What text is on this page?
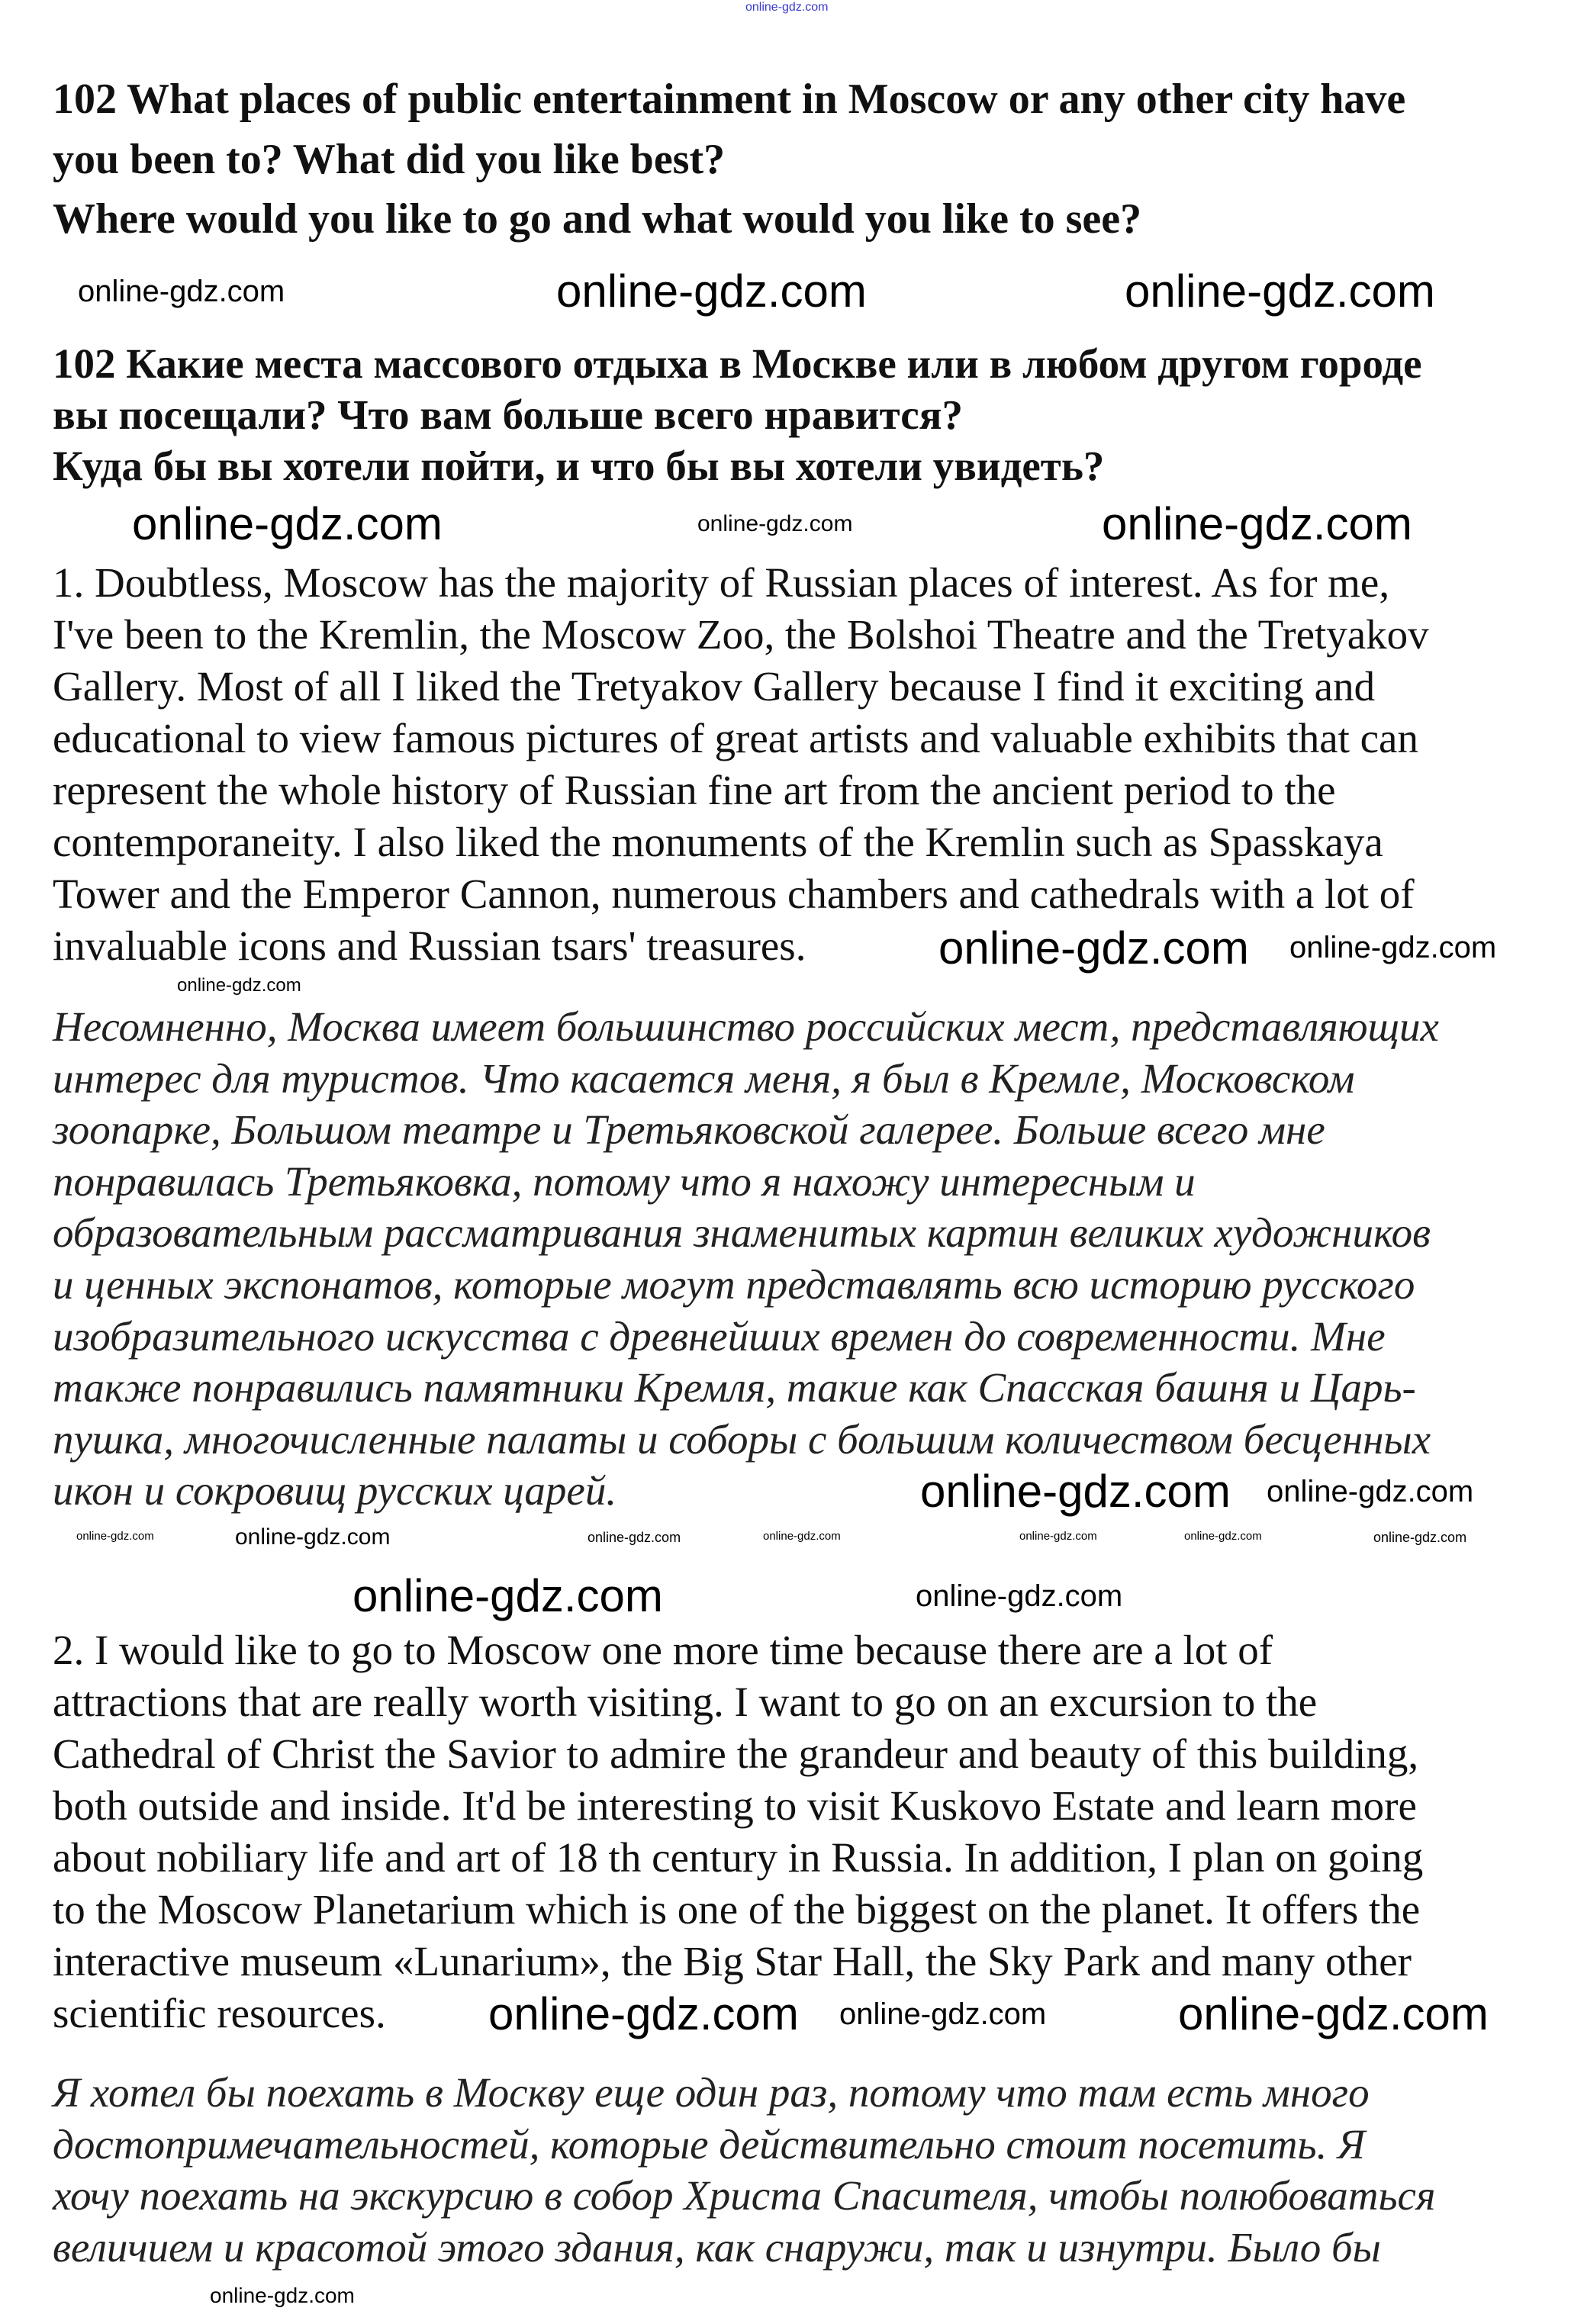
102 What places of public entertainment in Moscow or any other city have
you been to? What did you like best?
Where would you like to go and what would you like to see?
102 Какие места массового отдыха в Москве или в любом другом городе
вы посещали? Что вам больше всего нравится?
Куда бы вы хотели пойти, и что бы вы хотели увидеть?
1. Doubtless, Moscow has the majority of Russian places of interest. As for me,
I've been to the Kremlin, the Moscow Zoo, the Bolshoi Theatre and the Tretyakov
Gallery. Most of all I liked the Tretyakov Gallery because I find it exciting and
educational to view famous pictures of great artists and valuable exhibits that can
represent the whole history of Russian fine art from the ancient period to the
contemporaneity. I also liked the monuments of the Kremlin such as Spasskaya
Tower and the Emperor Cannon, numerous chambers and cathedrals with a lot of
invaluable icons and Russian tsars' treasures.
Несомненно, Москва имеет большинство российских мест, представляющих
интерес для туристов. Что касается меня, я был в Кремле, Московском
зоопарке, Большом театре и Третьяковской галерее. Больше всего мне
понравилась Третьяковка, потому что я нахожу интересным и
образовательным рассматривания знаменитых картин великих художников
и ценных экспонатов, которые могут представлять всю историю русского
изобразительного искусства с древнейших времен до современности. Мне
также понравились памятники Кремля, такие как Спасская башня и Царь-
пушка, многочисленные палаты и соборы с большим количеством бесценных
икон и сокровищ русских царей.
2. I would like to go to Moscow one more time because there are a lot of
attractions that are really worth visiting. I want to go on an excursion to the
Cathedral of Christ the Savior to admire the grandeur and beauty of this building,
both outside and inside. It'd be interesting to visit Kuskovo Estate and learn more
about nobiliary life and art of 18 th century in Russia. In addition, I plan on going
to the Moscow Planetarium which is one of the biggest on the planet. It offers the
interactive museum «Lunarium», the Big Star Hall, the Sky Park and many other
scientific resources.
Я хотел бы поехать в Москву еще один раз, потому что там есть много
достопримечательностей, которые действительно стоит посетить. Я
хочу поехать на экскурсию в собор Христа Спасителя, чтобы полюбоваться
величием и красотой этого здания, как снаружи, так и изнутри. Было бы
online-gdz.com
online-gdz.com	online-gdz.com	online-gdz.com
online-gdz.com	online-gdz.com	online-gdz.com
online-gdz.com online-gdz.com
online-gdz.com
online-gdz.com online-gdz.com
online-gdz.com	online-gdz.com	online-gdz.com	online-gdz.com	online-gdz.com	online-gdz.com	online-gdz.com
online-gdz.com	online-gdz.com
online-gdz.com online-gdz.com	online-gdz.com
online-gdz.com
